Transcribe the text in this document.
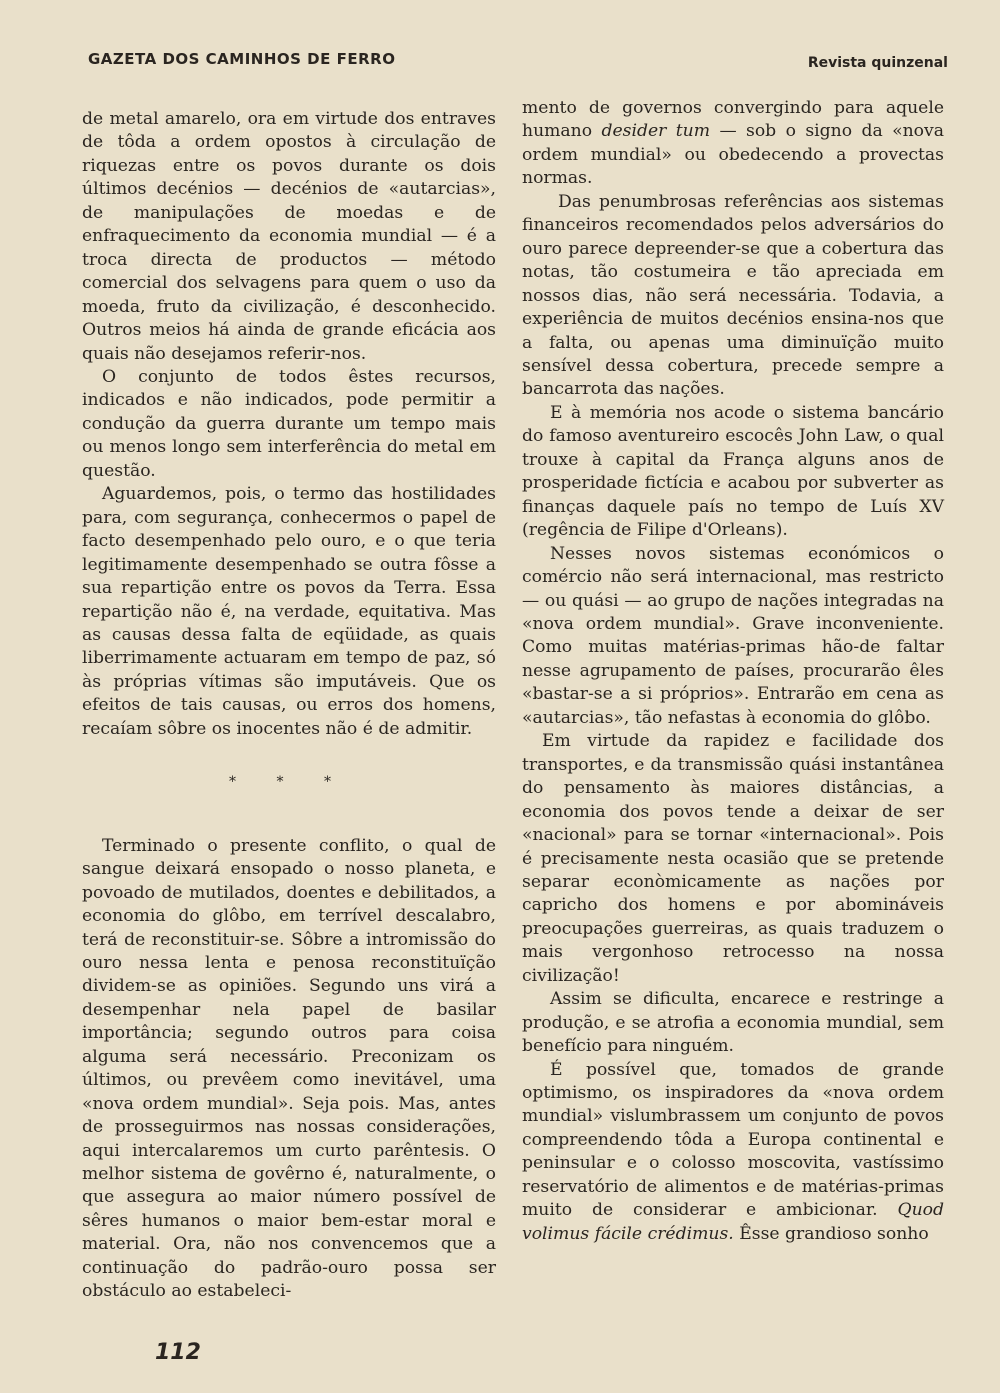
GAZETA DOS CAMINHOS DE FERRO	Revista quinzenal

de metal amarelo, ora em virtude dos entraves de tôda a ordem opostos à circulação de riquezas entre os povos durante os dois últimos decénios — decénios de «autarcias», de manipulações de moedas e de enfraquecimento da economia mundial — é a troca directa de productos — método comercial dos selvagens para quem o uso da moeda, fruto da civilização, é desconhecido. Outros meios há ainda de grande eficácia aos quais não desejamos referir-nos.

O conjunto de todos êstes recursos, indicados e não indicados, pode permitir a condução da guerra durante um tempo mais ou menos longo sem interferência do metal em questão.

Aguardemos, pois, o termo das hostilidades para, com segurança, conhecermos o papel de facto desempenhado pelo ouro, e o que teria legitimamente desempenhado se outra fôsse a sua repartição entre os povos da Terra. Essa repartição não é, na verdade, equitativa. Mas as causas dessa falta de eqüidade, as quais liberrimamente actuaram em tempo de paz, só às próprias vítimas são imputáveis. Que os efeitos de tais causas, ou erros dos homens, recaíam sôbre os inocentes não é de admitir.

* * *

Terminado o presente conflito, o qual de sangue deixará ensopado o nosso planeta, e povoado de mutilados, doentes e debilitados, a economia do glôbo, em terrível descalabro, terá de reconstituir-se. Sôbre a intromissão do ouro nessa lenta e penosa reconstituïção dividem-se as opiniões. Segundo uns virá a desempenhar nela papel de basilar importância; segundo outros para coisa alguma será necessário. Preconizam os últimos, ou prevêem como inevitável, uma «nova ordem mundial». Seja pois. Mas, antes de prosseguirmos nas nossas considerações, aqui intercalaremos um curto parêntesis. O melhor sistema de govêrno é, naturalmente, o que assegura ao maior número possível de sêres humanos o maior bem-estar moral e material. Ora, não nos convencemos que a continuação do padrão-ouro possa ser obstáculo ao estabeleci-

mento de governos convergindo para aquele humano desider tum — sob o signo da «nova ordem mundial» ou obedecendo a provectas normas.

Das penumbrosas referências aos sistemas financeiros recomendados pelos adversários do ouro parece depreender-se que a cobertura das notas, tão costumeira e tão apreciada em nossos dias, não será necessária. Todavia, a experiência de muitos decénios ensina-nos que a falta, ou apenas uma diminuïção muito sensível dessa cobertura, precede sempre a bancarrota das nações.

E à memória nos acode o sistema bancário do famoso aventureiro escocês John Law, o qual trouxe à capital da França alguns anos de prosperidade fictícia e acabou por subverter as finanças daquele país no tempo de Luís XV (regência de Filipe d'Orleans).

Nesses novos sistemas económicos o comércio não será internacional, mas restricto — ou quási — ao grupo de nações integradas na «nova ordem mundial». Grave inconveniente. Como muitas matérias-primas hão-de faltar nesse agrupamento de países, procurarão êles «bastar-se a si próprios». Entrarão em cena as «autarcias», tão nefastas à economia do glôbo.

Em virtude da rapidez e facilidade dos transportes, e da transmissão quási instantânea do pensamento às maiores distâncias, a economia dos povos tende a deixar de ser «nacional» para se tornar «internacional». Pois é precisamente nesta ocasião que se pretende separar econòmicamente as nações por capricho dos homens e por abomináveis preocupações guerreiras, as quais traduzem o mais vergonhoso retrocesso na nossa civilização!

Assim se dificulta, encarece e restringe a produção, e se atrofia a economia mundial, sem benefício para ninguém.

É possível que, tomados de grande optimismo, os inspiradores da «nova ordem mundial» vislumbrassem um conjunto de povos compreendendo tôda a Europa continental e peninsular e o colosso moscovita, vastíssimo reservatório de alimentos e de matérias-primas muito de considerar e ambicionar. Quod volimus fácile crédimus. Êsse grandioso sonho

112
